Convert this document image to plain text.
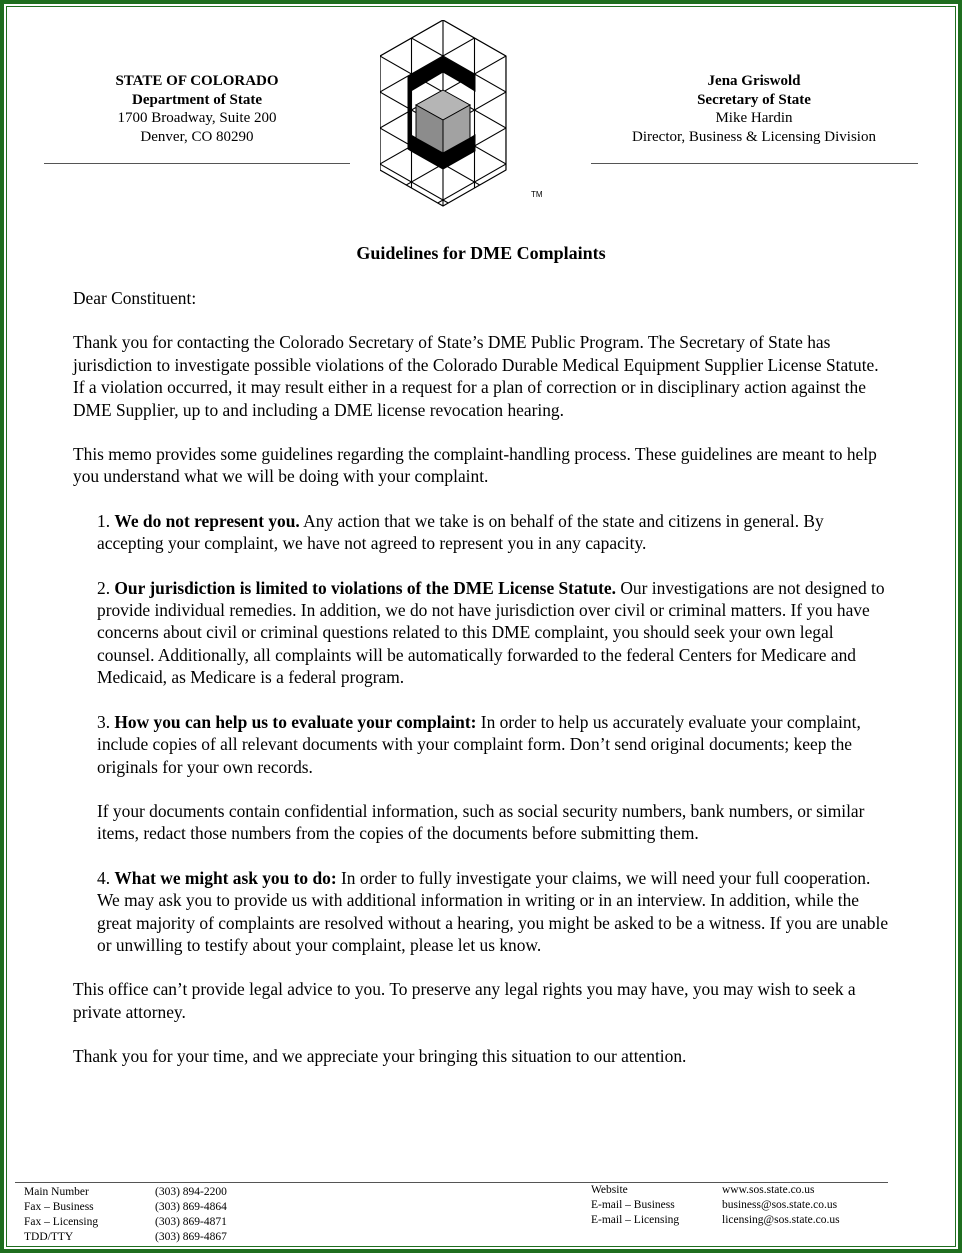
STATE OF COLORADO
Department of State
1700 Broadway, Suite 200
Denver, CO 80290
TM
Jena Griswold
Secretary of State
Mike Hardin
Director, Business & Licensing Division
Guidelines for DME Complaints

Dear Constituent:

Thank you for contacting the Colorado Secretary of State’s DME Public Program. The Secretary of State has jurisdiction to investigate possible violations of the Colorado Durable Medical Equipment Supplier License Statute. If a violation occurred, it may result either in a request for a plan of correction or in disciplinary action against the DME Supplier, up to and including a DME license revocation hearing.

This memo provides some guidelines regarding the complaint-handling process. These guidelines are meant to help you understand what we will be doing with your complaint.

1. We do not represent you. Any action that we take is on behalf of the state and citizens in general. By accepting your complaint, we have not agreed to represent you in any capacity.
2. Our jurisdiction is limited to violations of the DME License Statute. Our investigations are not designed to provide individual remedies. In addition, we do not have jurisdiction over civil or criminal matters. If you have concerns about civil or criminal questions related to this DME complaint, you should seek your own legal counsel. Additionally, all complaints will be automatically forwarded to the federal Centers for Medicare and Medicaid, as Medicare is a federal program.
3. How you can help us to evaluate your complaint: In order to help us accurately evaluate your complaint, include copies of all relevant documents with your complaint form. Don’t send original documents; keep the originals for your own records.
If your documents contain confidential information, such as social security numbers, bank numbers, or similar items, redact those numbers from the copies of the documents before submitting them.
4. What we might ask you to do: In order to fully investigate your claims, we will need your full cooperation. We may ask you to provide us with additional information in writing or in an interview. In addition, while the great majority of complaints are resolved without a hearing, you might be asked to be a witness. If you are unable or unwilling to testify about your complaint, please let us know.

This office can’t provide legal advice to you. To preserve any legal rights you may have, you may wish to seek a private attorney.

Thank you for your time, and we appreciate your bringing this situation to our attention.

Main Number	(303) 894-2200
Fax – Business	(303) 869-4864
Fax – Licensing	(303) 869-4871
TDD/TTY	(303) 869-4867
Website	www.sos.state.co.us
E-mail – Business	business@sos.state.co.us
E-mail – Licensing	licensing@sos.state.co.us
